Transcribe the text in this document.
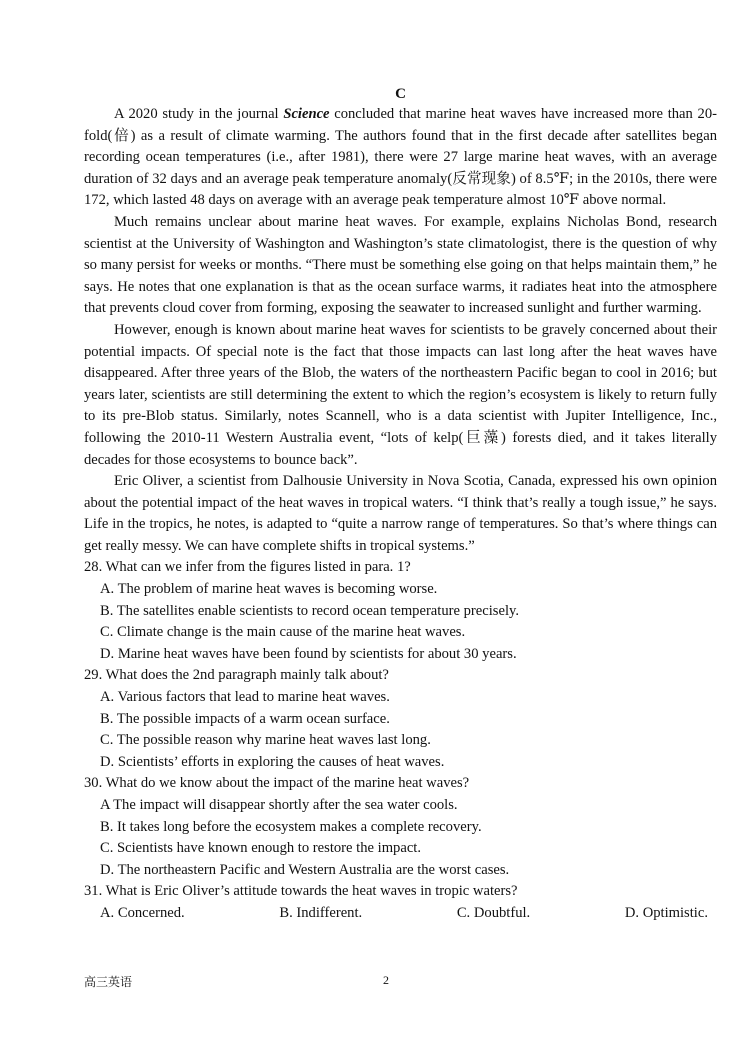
C

A 2020 study in the journal Science concluded that marine heat waves have increased more than 20-fold(倍) as a result of climate warming. The authors found that in the first decade after satellites began recording ocean temperatures (i.e., after 1981), there were 27 large marine heat waves, with an average duration of 32 days and an average peak temperature anomaly(反常现象) of 8.5℉; in the 2010s, there were 172, which lasted 48 days on average with an average peak temperature almost 10℉ above normal.

Much remains unclear about marine heat waves. For example, explains Nicholas Bond, research scientist at the University of Washington and Washington’s state climatologist, there is the question of why so many persist for weeks or months. “There must be something else going on that helps maintain them,” he says. He notes that one explanation is that as the ocean surface warms, it radiates heat into the atmosphere that prevents cloud cover from forming, exposing the seawater to increased sunlight and further warming.

However, enough is known about marine heat waves for scientists to be gravely concerned about their potential impacts. Of special note is the fact that those impacts can last long after the heat waves have disappeared. After three years of the Blob, the waters of the northeastern Pacific began to cool in 2016; but years later, scientists are still determining the extent to which the region’s ecosystem is likely to return fully to its pre-Blob status. Similarly, notes Scannell, who is a data scientist with Jupiter Intelligence, Inc., following the 2010-11 Western Australia event, “lots of kelp(巨藻) forests died, and it takes literally decades for those ecosystems to bounce back”.

Eric Oliver, a scientist from Dalhousie University in Nova Scotia, Canada, expressed his own opinion about the potential impact of the heat waves in tropical waters. “I think that’s really a tough issue,” he says. Life in the tropics, he notes, is adapted to “quite a narrow range of temperatures. So that’s where things can get really messy. We can have complete shifts in tropical systems.”

28. What can we infer from the figures listed in para. 1?

A. The problem of marine heat waves is becoming worse.

B. The satellites enable scientists to record ocean temperature precisely.

C. Climate change is the main cause of the marine heat waves.

D. Marine heat waves have been found by scientists for about 30 years.

29. What does the 2nd paragraph mainly talk about?

A. Various factors that lead to marine heat waves.

B. The possible impacts of a warm ocean surface.

C. The possible reason why marine heat waves last long.

D. Scientists’ efforts in exploring the causes of heat waves.

30. What do we know about the impact of the marine heat waves?

A The impact will disappear shortly after the sea water cools.

B. It takes long before the ecosystem makes a complete recovery.

C. Scientists have known enough to restore the impact.

D. The northeastern Pacific and Western Australia are the worst cases.

31. What is Eric Oliver’s attitude towards the heat waves in tropic waters?

A. Concerned.	B. Indifferent.	C. Doubtful.	D. Optimistic.
高三英语	2
